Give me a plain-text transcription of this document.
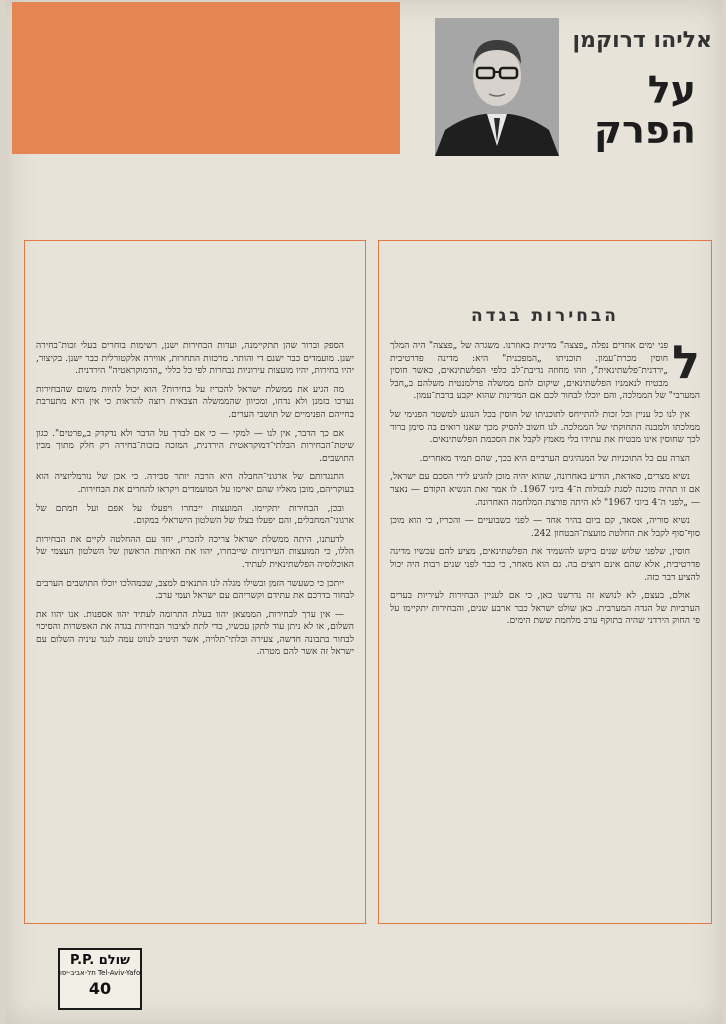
אליהו דרוקמן
על
הפרק
הבחירות בגדה
ל

פני ימים אחדים נפלה „פצצה" מדינית באוזרנו. משגרה של „פצצה" היה המלך חוסין מכרת־עמון. תוכניתו „המפכנית" היא: מדינה פדרטיבית „ירדנית־פלשתינאית", וזהו מחוזה נדיבת־לב כלפי הפלשתינאים, כאשר חוסין מבטיח לנאמניו הפלשתינאים, שיקום להם ממשלה פרלמנטית משלהם ב„חבל המערבי" של הממלכה, והם יוכלו לבחור לכם אם המדינות שהוא יקבע ברבת־עמון.

אין לנו כל עניין וכל זכות להתייחס לתוכניתו של חוסין בכל הנוגע למשטר הפנימי של ממלכתו ולמבנה התחוקתי של הממלכה. לנו חשוב להסיק מכך שאנו רואים בה סימן ברור לכך שחוסין אינו מבטיח את עתידו בלי מאמץ לקבל את הסכמת הפלשתינאים.

הצרה עם כל התוכניות של המנהיגים הערביים היא בכך, שהם תמיד מאחרים.

נשיא מצרים, סאדאת, הודיע באחרונה, שהוא יהיה מוכן להגיע לידי הסכם עם ישראל, אם זו תהיה מוכנה לסגת לגבולות ה־4 ביוני 1967. לו אמר זאת הנשיא הקודם — נאצר — „לפני ה־4 ביוני 1967" לא היתה פורצת המלחמה האחרונה.

נשיא סוריה, אסאד, קם ביום בהיר אחד — לפני כשבועיים — והכריז, כי הוא מוכן סוף־סוף לקבל את החלטת מועצת־הבטחון 242.

חוסין, שלפני שלוש שנים ביקש להשמיד את הפלשתינאים, מציע להם עכשיו מדינה פדרטיבית, אלא שהם אינם רוצים בה. גם הוא מאחר, כי כבר לפני שנים רבות היה יכול להציע דבר כזה.

אולם, בעצם, לא לנושא זה נדרשנו כאן, כי אם לעניין הבחירות לעיריות בערים הערביות של הגדה המערבית. כאן שולט ישראל כבר ארבע שנים, והבחירות יתקיימו על פי החוק הירדני שהיה בתוקף ערב מלחמת ששת הימים.

הספק וברור שהן תתקיימנה, ועדות הבחירות ישנן, רשימות בוחרים בעלי זכות־בחירה ישנן. מועמדים כבר ישנם די והותר. מרכזות התחרות, אווירה אלקטורלית כבר ישנן. בקיצור, יהיו בחירות, יהיו מועצות עירוניות נבחרות לפי כל כללי „הדמוקראטיה" הירדנית.

מה הגיע את ממשלת ישראל להכריז על בחירות? הוא יכול להיות משום שהבחירות נערכו בזמנן ולא נדחו, ומכיוון שהממשלה הצבאית רוצה להראות כי אין היא מתערבת בחייהם הפנימיים של תושבי הערים.

אם כך הדבר, אין לנו — למקי — כי אם לברך על הדבר ולא נדקדק ב„פרטים". כגון שיטת־הבחירות הבלתי־דמוקראטית הירדנית, המזכה בזכות־בחירה רק חלק מתוך מבין התושבים.

התנגדותם של ארגוני־החבלה היא הרבה יותר סבירה. כי אכן של נורמליזציה הוא בעוקריהם, מובן מאליו שהם יאיימו על המועמדים ויקראו להחרים את הבחירות.

ובכן, הבחירות יתקיימו. המועצות ייבחרו ויפעלו על אפם ועל חמתם של ארגוני־המחבלים, והם יפעלו בצלו של השלטון הישראלי במקום.

לדעתנו, היתה ממשלת ישראל צריכה להכריז, יחד עם ההחלטה לקיים את הבחירות הללו, כי המועצות העירוניות שייבחרו, יהוו את האיתות הראשון של השלטון העצמי של האוכלוסיה הפלשתינאית לעתיד.

ייתכן כי כשעשר הזמן ובשילו מגלה לנו התנאים למצב, שבמהלכו יוכלו התושבים הערבים לבחור בדרכם את עתידם וקשריהם עם ישראל ועמי ערב.

— אין ערך לבחירות, הממצאן יהוו בעלת התרומה לעתיד יהוו אספנות. אנו יהוו את השלום, או לא ניתן עוד לתקן עכשיו, כדי לתת לציבור הבחירות בגדה את האפשרות והסיכוי לבחור בתבונה חדשה, צעירה ובלתי־תלויה, אשר תיטיב לנווט עמה לנגד עיניה השלום עם ישראל זה אשר להם מטרה.

P.P. שולם
תל-אביב-יפו Tel-Aviv-Yafo
40
